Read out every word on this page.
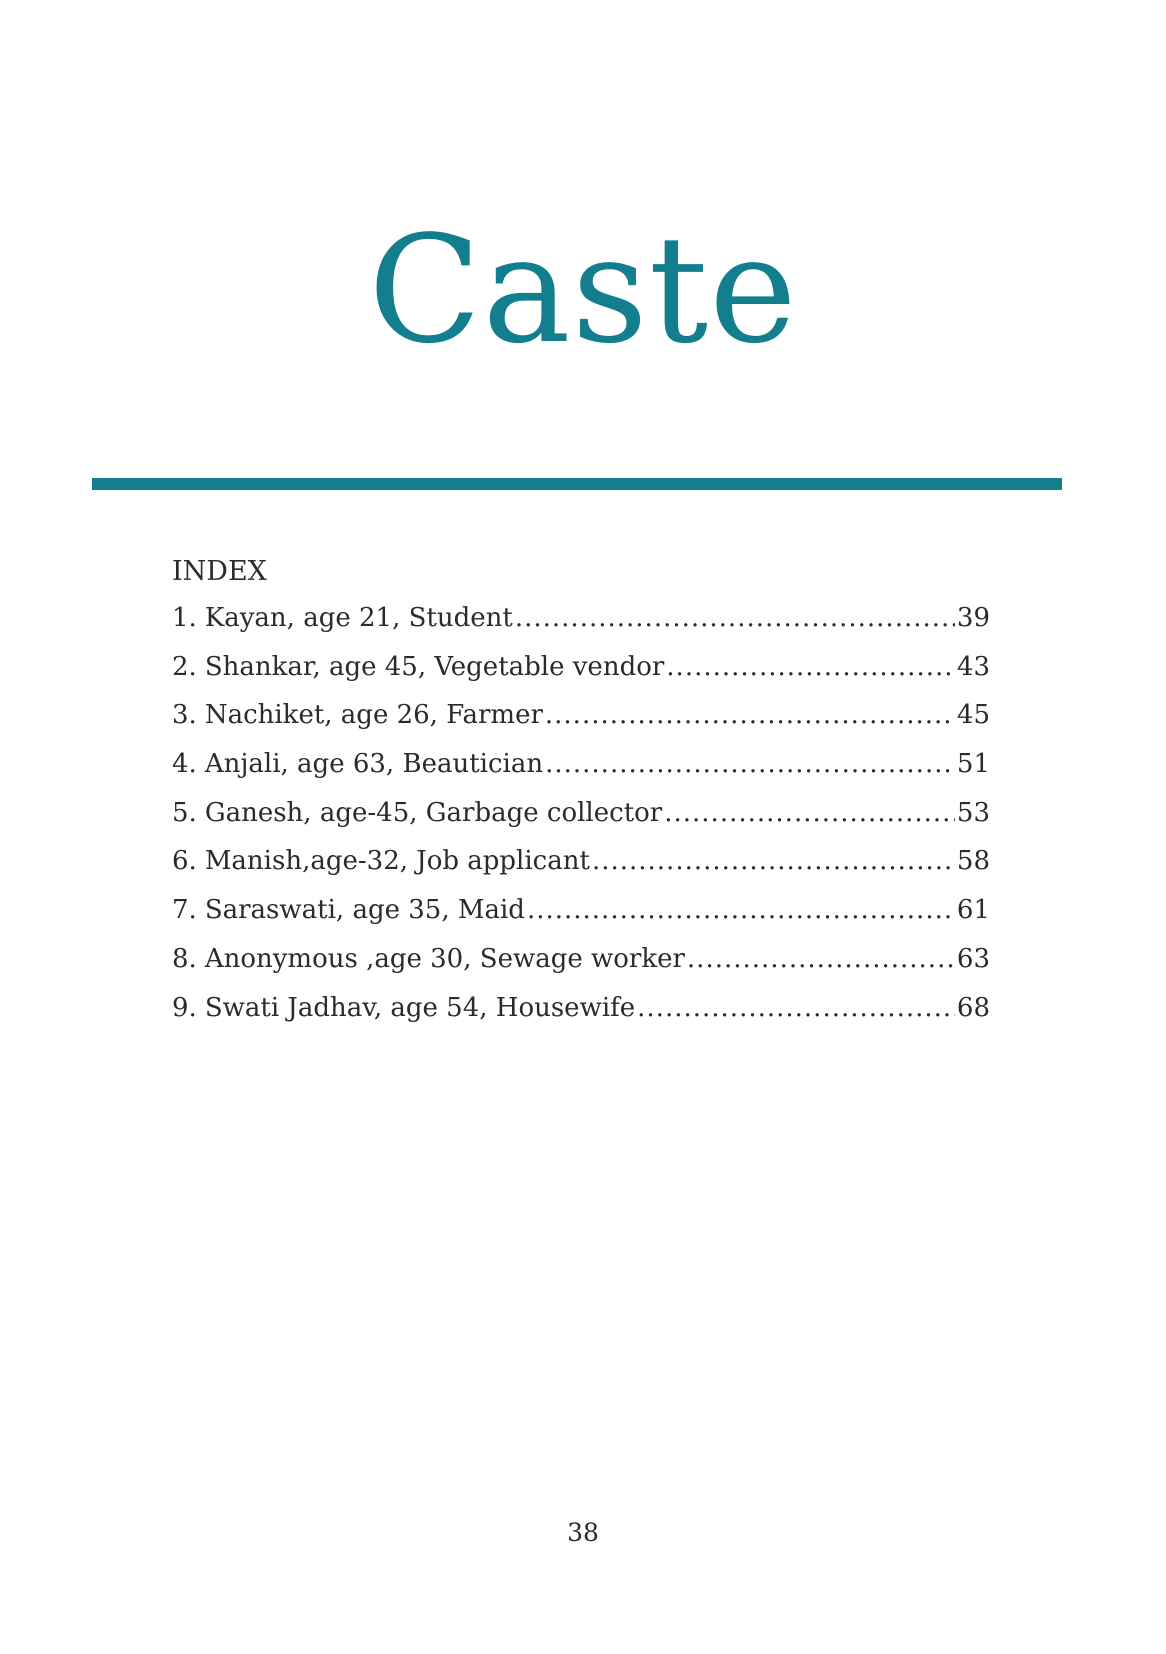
Caste
INDEX
1. Kayan, age 21, Student .....	39
2. Shankar, age 45, Vegetable vendor .....	43
3. Nachiket, age 26, Farmer .....	45
4. Anjali, age 63, Beautician .....	51
5. Ganesh, age-45, Garbage collector .....	53
6. Manish,age-32, Job applicant .....	58
7. Saraswati, age 35, Maid .....	61
8. Anonymous ,age 30, Sewage worker .....	63
9. Swati Jadhav, age 54, Housewife .....	68
38
